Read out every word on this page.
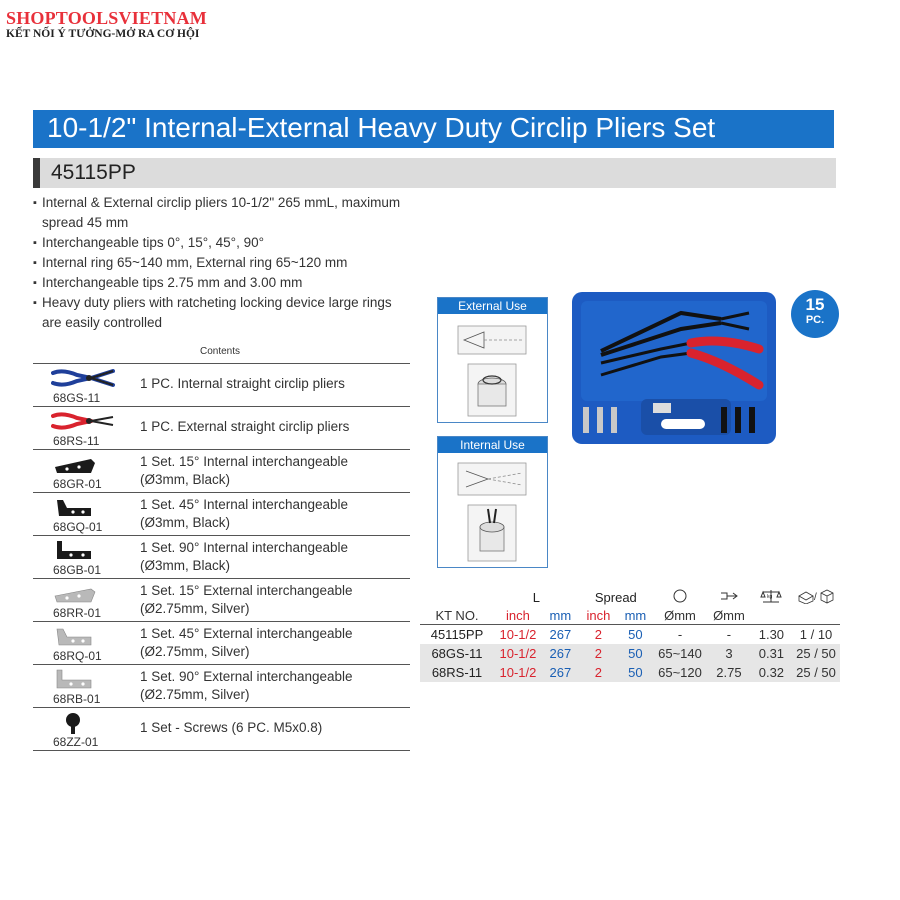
SHOPTOOLSVIETNAM
KẾT NỐI Ý TƯỞNG-MỞ RA CƠ HỘI
10-1/2" Internal-External Heavy Duty Circlip Pliers Set
45115PP
▪ Internal & External circlip pliers 10-1/2" 265 mmL, maximum spread 45 mm
▪ Interchangeable tips 0°, 15°, 45°, 90°
▪ Internal ring 65~140 mm, External ring 65~120 mm
▪ Interchangeable tips 2.75 mm and 3.00 mm
▪ Heavy duty pliers with ratcheting locking device large rings are easily controlled
Contents
68GS-11
1 PC. Internal straight circlip pliers
68RS-11
1 PC. External straight circlip pliers
68GR-01
1 Set. 15° Internal interchangeable
(Ø3mm, Black)
68GQ-01
1 Set. 45° Internal interchangeable
(Ø3mm, Black)
68GB-01
1 Set. 90° Internal interchangeable
(Ø3mm, Black)
68RR-01
1 Set. 15° External interchangeable
(Ø2.75mm, Silver)
68RQ-01
1 Set. 45° External interchangeable
(Ø2.75mm, Silver)
68RB-01
1 Set. 90° External interchangeable
(Ø2.75mm, Silver)
68ZZ-01
1 Set - Screws (6 PC. M5x0.8)
External Use
Internal Use
15
PC.
	L		Spread				kg	/

KT NO.	inch	mm	inch	mm	Ømm	Ømm		
45115PP	10-1/2	267	2	50	-	-	1.30	1 / 10
68GS-11	10-1/2	267	2	50	65~140	3	0.31	25 / 50
68RS-11	10-1/2	267	2	50	65~120	2.75	0.32	25 / 50
